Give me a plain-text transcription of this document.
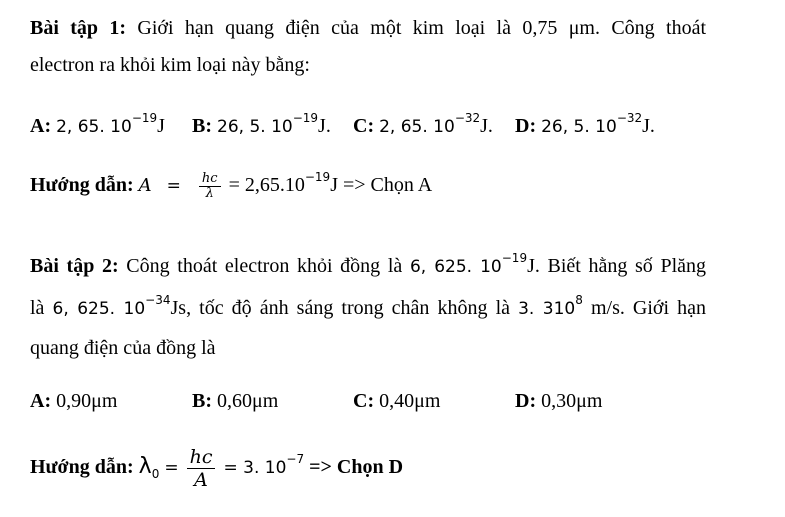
Bài tập 1: Giới hạn quang điện của một kim loại là 0,75 μm. Công thoát
electron ra khỏi kim loại này bằng:
A: 2, 65. $10^{-19}J$ B: 26, 5. $10^{-19}J$. C: 2, 65. $10^{-32}J$. D: 26, 5. $10^{-32}J$.
Hướng dẫn: $A = \frac{hc}{\lambda} = 2,65.10^{-19}J$ => Chọn A
Bài tập 2: Công thoát electron khỏi đồng là 6, 625. $10^{-19}J$. Biết hằng số Plăng
là 6, 625. $10^{-34}Js$, tốc độ ánh sáng trong chân không là 3. $310^8$ m/s. Giới hạn
quang điện của đồng là
A: 0,90μm	B: 0,60μm	C: 0,40μm	D: 0,30μm
Hướng dẫn: $\lambda_0 = \frac{hc}{A} = 3$. $10^{-7}$ => Chọn D
